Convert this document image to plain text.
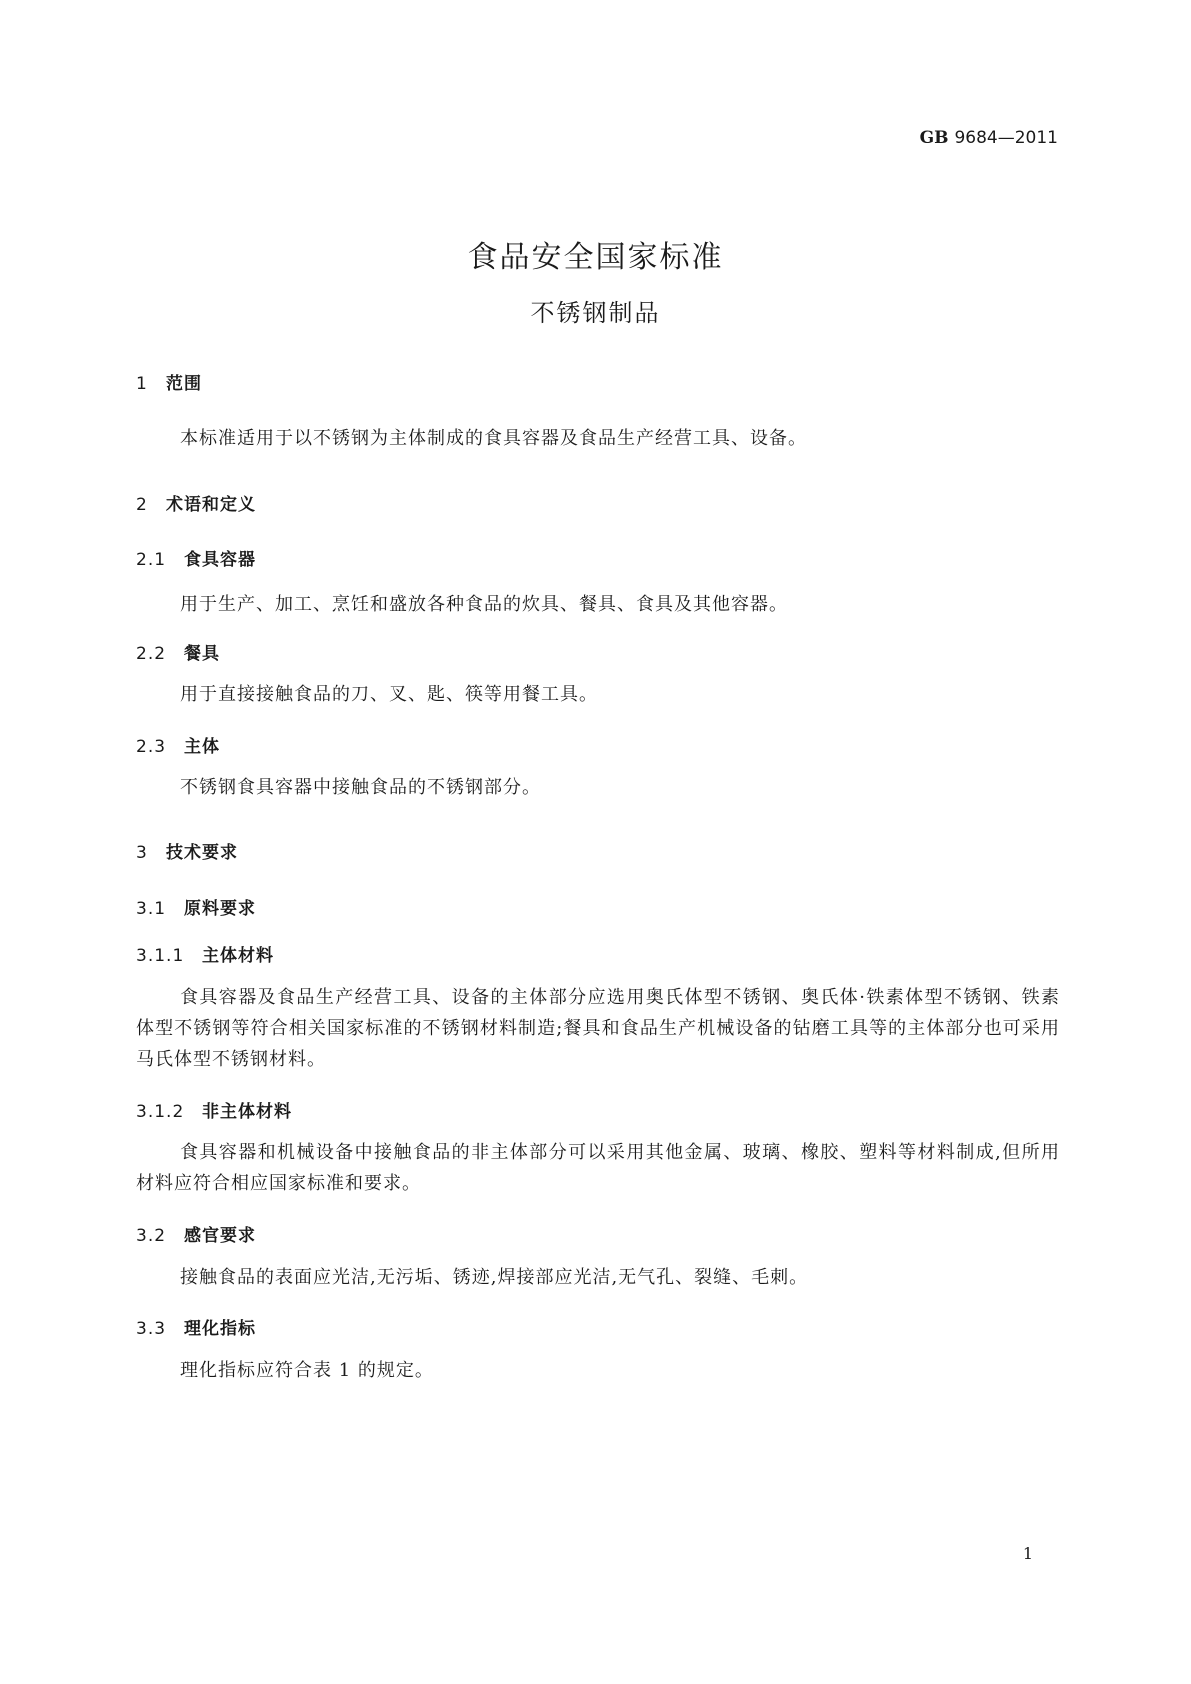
GB 9684—2011
食品安全国家标准
不锈钢制品
1 范围
本标准适用于以不锈钢为主体制成的食具容器及食品生产经营工具、设备。
2 术语和定义
2.1 食具容器
用于生产、加工、烹饪和盛放各种食品的炊具、餐具、食具及其他容器。
2.2 餐具
用于直接接触食品的刀、叉、匙、筷等用餐工具。
2.3 主体
不锈钢食具容器中接触食品的不锈钢部分。
3 技术要求
3.1 原料要求
3.1.1 主体材料
食具容器及食品生产经营工具、设备的主体部分应选用奥氏体型不锈钢、奥氏体·铁素体型不锈钢、铁素体型不锈钢等符合相关国家标准的不锈钢材料制造;餐具和食品生产机械设备的钻磨工具等的主体部分也可采用马氏体型不锈钢材料。
3.1.2 非主体材料
食具容器和机械设备中接触食品的非主体部分可以采用其他金属、玻璃、橡胶、塑料等材料制成,但所用材料应符合相应国家标准和要求。
3.2 感官要求
接触食品的表面应光洁,无污垢、锈迹,焊接部应光洁,无气孔、裂缝、毛刺。
3.3 理化指标
理化指标应符合表 1 的规定。
1
